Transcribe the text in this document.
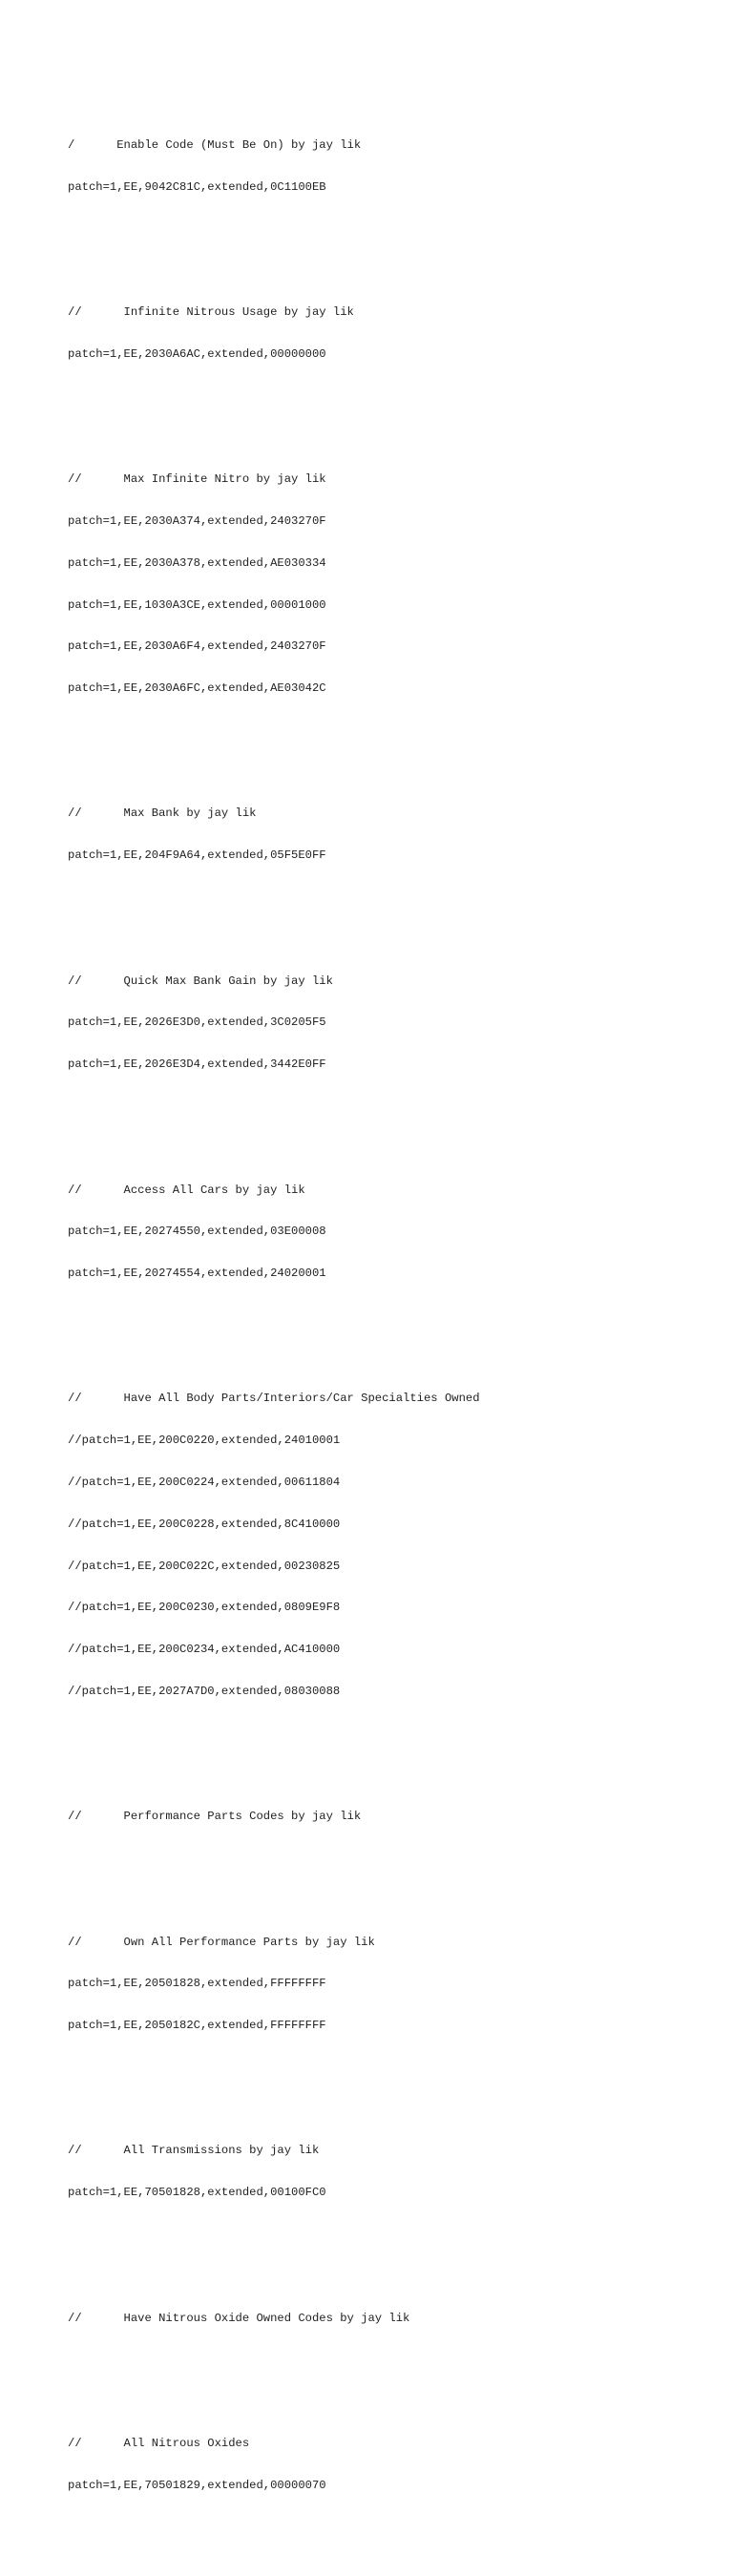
/      Enable Code (Must Be On) by jay lik

patch=1,EE,9042C81C,extended,0C1100EB

//      Infinite Nitrous Usage by jay lik

patch=1,EE,2030A6AC,extended,00000000

//      Max Infinite Nitro by jay lik

patch=1,EE,2030A374,extended,2403270F

patch=1,EE,2030A378,extended,AE030334

patch=1,EE,1030A3CE,extended,00001000

patch=1,EE,2030A6F4,extended,2403270F

patch=1,EE,2030A6FC,extended,AE03042C

//      Max Bank by jay lik

patch=1,EE,204F9A64,extended,05F5E0FF

//      Quick Max Bank Gain by jay lik

patch=1,EE,2026E3D0,extended,3C0205F5

patch=1,EE,2026E3D4,extended,3442E0FF

//      Access All Cars by jay lik

patch=1,EE,20274550,extended,03E00008

patch=1,EE,20274554,extended,24020001

//      Have All Body Parts/Interiors/Car Specialties Owned

//patch=1,EE,200C0220,extended,24010001

//patch=1,EE,200C0224,extended,00611804

//patch=1,EE,200C0228,extended,8C410000

//patch=1,EE,200C022C,extended,00230825

//patch=1,EE,200C0230,extended,0809E9F8

//patch=1,EE,200C0234,extended,AC410000

//patch=1,EE,2027A7D0,extended,08030088

//      Performance Parts Codes by jay lik

//      Own All Performance Parts by jay lik

patch=1,EE,20501828,extended,FFFFFFFF

patch=1,EE,2050182C,extended,FFFFFFFF

//      All Transmissions by jay lik

patch=1,EE,70501828,extended,00100FC0

//      Have Nitrous Oxide Owned Codes by jay lik

//      All Nitrous Oxides

patch=1,EE,70501829,extended,00000070
